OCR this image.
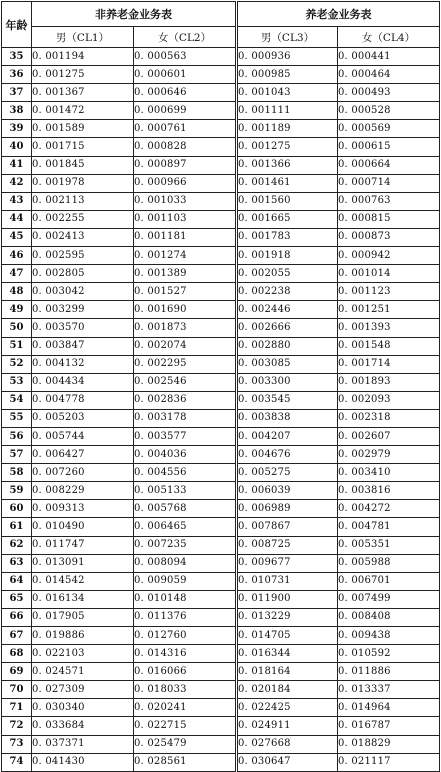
年龄	非养老金业务表		养老金业务表	
	男（CL1）	女（CL2）	男（CL3）	女（CL4）
35	0. 001194	0. 000563	0. 000936	0. 000441
36	0. 001275	0. 000601	0. 000985	0. 000464
37	0. 001367	0. 000646	0. 001043	0. 000493
38	0. 001472	0. 000699	0. 001111	0. 000528
39	0. 001589	0. 000761	0. 001189	0. 000569
40	0. 001715	0. 000828	0. 001275	0. 000615
41	0. 001845	0. 000897	0. 001366	0. 000664
42	0. 001978	0. 000966	0. 001461	0. 000714
43	0. 002113	0. 001033	0. 001560	0. 000763
44	0. 002255	0. 001103	0. 001665	0. 000815
45	0. 002413	0. 001181	0. 001783	0. 000873
46	0. 002595	0. 001274	0. 001918	0. 000942
47	0. 002805	0. 001389	0. 002055	0. 001014
48	0. 003042	0. 001527	0. 002238	0. 001123
49	0. 003299	0. 001690	0. 002446	0. 001251
50	0. 003570	0. 001873	0. 002666	0. 001393
51	0. 003847	0. 002074	0. 002880	0. 001548
52	0. 004132	0. 002295	0. 003085	0. 001714
53	0. 004434	0. 002546	0. 003300	0. 001893
54	0. 004778	0. 002836	0. 003545	0. 002093
55	0. 005203	0. 003178	0. 003838	0. 002318
56	0. 005744	0. 003577	0. 004207	0. 002607
57	0. 006427	0. 004036	0. 004676	0. 002979
58	0. 007260	0. 004556	0. 005275	0. 003410
59	0. 008229	0. 005133	0. 006039	0. 003816
60	0. 009313	0. 005768	0. 006989	0. 004272
61	0. 010490	0. 006465	0. 007867	0. 004781
62	0. 011747	0. 007235	0. 008725	0. 005351
63	0. 013091	0. 008094	0. 009677	0. 005988
64	0. 014542	0. 009059	0. 010731	0. 006701
65	0. 016134	0. 010148	0. 011900	0. 007499
66	0. 017905	0. 011376	0. 013229	0. 008408
67	0. 019886	0. 012760	0. 014705	0. 009438
68	0. 022103	0. 014316	0. 016344	0. 010592
69	0. 024571	0. 016066	0. 018164	0. 011886
70	0. 027309	0. 018033	0. 020184	0. 013337
71	0. 030340	0. 020241	0. 022425	0. 014964
72	0. 033684	0. 022715	0. 024911	0. 016787
73	0. 037371	0. 025479	0. 027668	0. 018829
74	0. 041430	0. 028561	0. 030647	0. 021117
